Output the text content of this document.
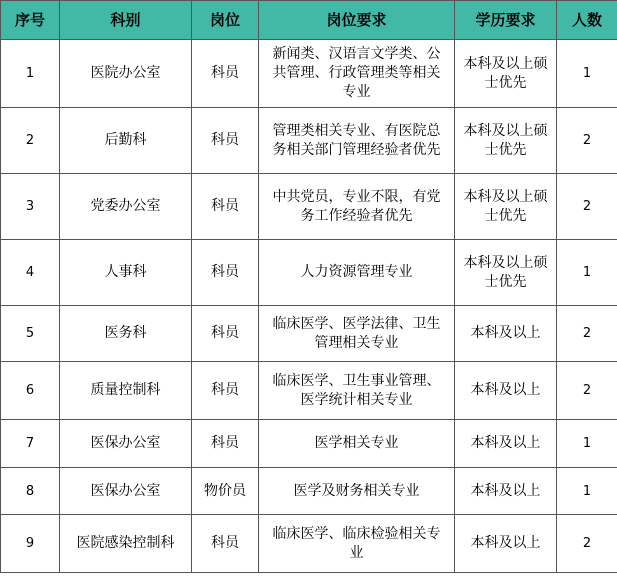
序号	科别	岗位	岗位要求	学历要求	人数
1	医院办公室	科员	新闻类、汉语言文学类、公共管理、行政管理类等相关专业	本科及以上硕士优先	1
2	后勤科	科员	管理类相关专业、有医院总务相关部门管理经验者优先	本科及以上硕士优先	2
3	党委办公室	科员	中共党员，专业不限，有党务工作经验者优先	本科及以上硕士优先	2
4	人事科	科员	人力资源管理专业	本科及以上硕士优先	1
5	医务科	科员	临床医学、医学法律、卫生管理相关专业	本科及以上	2
6	质量控制科	科员	临床医学、卫生事业管理、医学统计相关专业	本科及以上	2
7	医保办公室	科员	医学相关专业	本科及以上	1
8	医保办公室	物价员	医学及财务相关专业	本科及以上	1
9	医院感染控制科	科员	临床医学、临床检验相关专业	本科及以上	2
